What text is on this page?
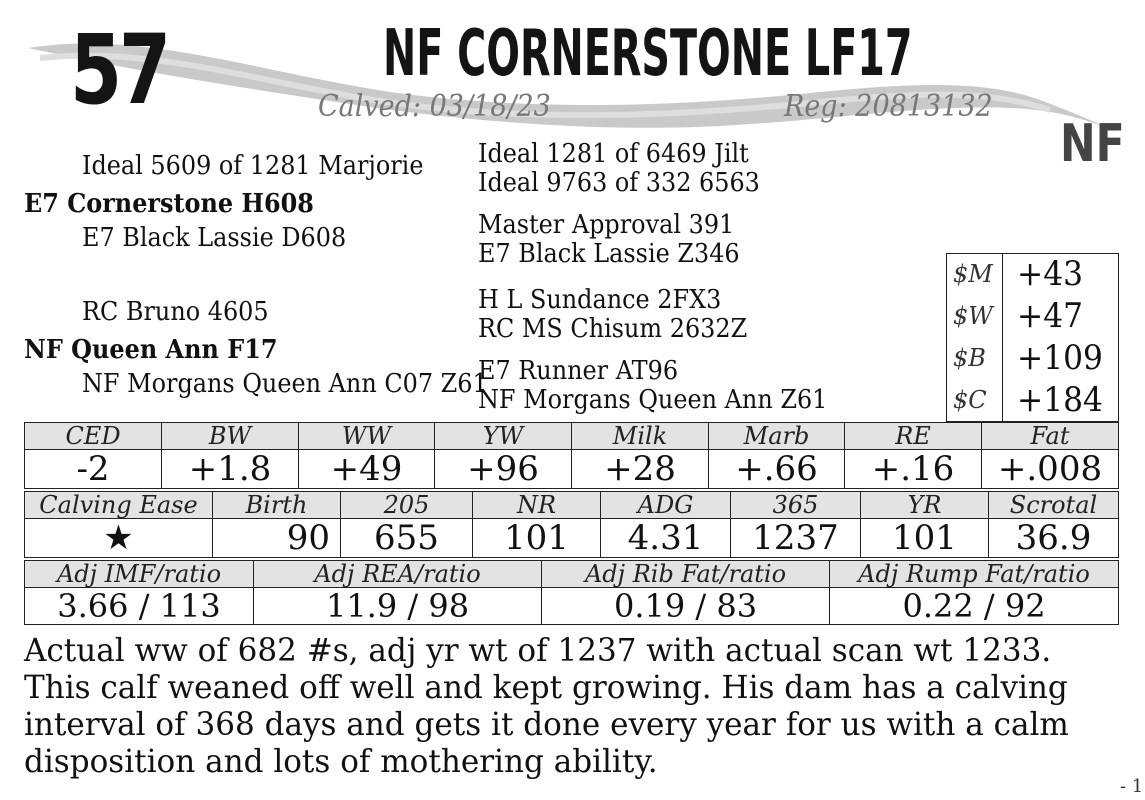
57	NF CORNERSTONE LF17
Calved: 03/18/23	Reg: 20813132
NF
Ideal 5609 of 1281 Marjorie
E7 Cornerstone H608
E7 Black Lassie D608
RC Bruno 4605
NF Queen Ann F17
NF Morgans Queen Ann C07 Z61
Ideal 1281 of 6469 Jilt
Ideal 9763 of 332 6563
Master Approval 391
E7 Black Lassie Z346
H L Sundance 2FX3
RC MS Chisum 2632Z
E7 Runner AT96
NF Morgans Queen Ann Z61
$M +43
$W +47
$B +109
$C +184
CED	BW	WW	YW	Milk	Marb	RE	Fat
-2	+1.8	+49	+96	+28	+.66	+.16	+.008
Calving Ease	Birth	205	NR	ADG	365	YR	Scrotal
★	90	655	101	4.31	1237	101	36.9
Adj IMF/ratio	Adj REA/ratio	Adj Rib Fat/ratio	Adj Rump Fat/ratio
3.66 / 113	11.9 / 98	0.19 / 83	0.22 / 92
Actual ww of 682 #s, adj yr wt of 1237 with actual scan wt 1233. This calf weaned off well and kept growing. His dam has a calving interval of 368 days and gets it done every year for us with a calm disposition and lots of mothering ability.
- 1
